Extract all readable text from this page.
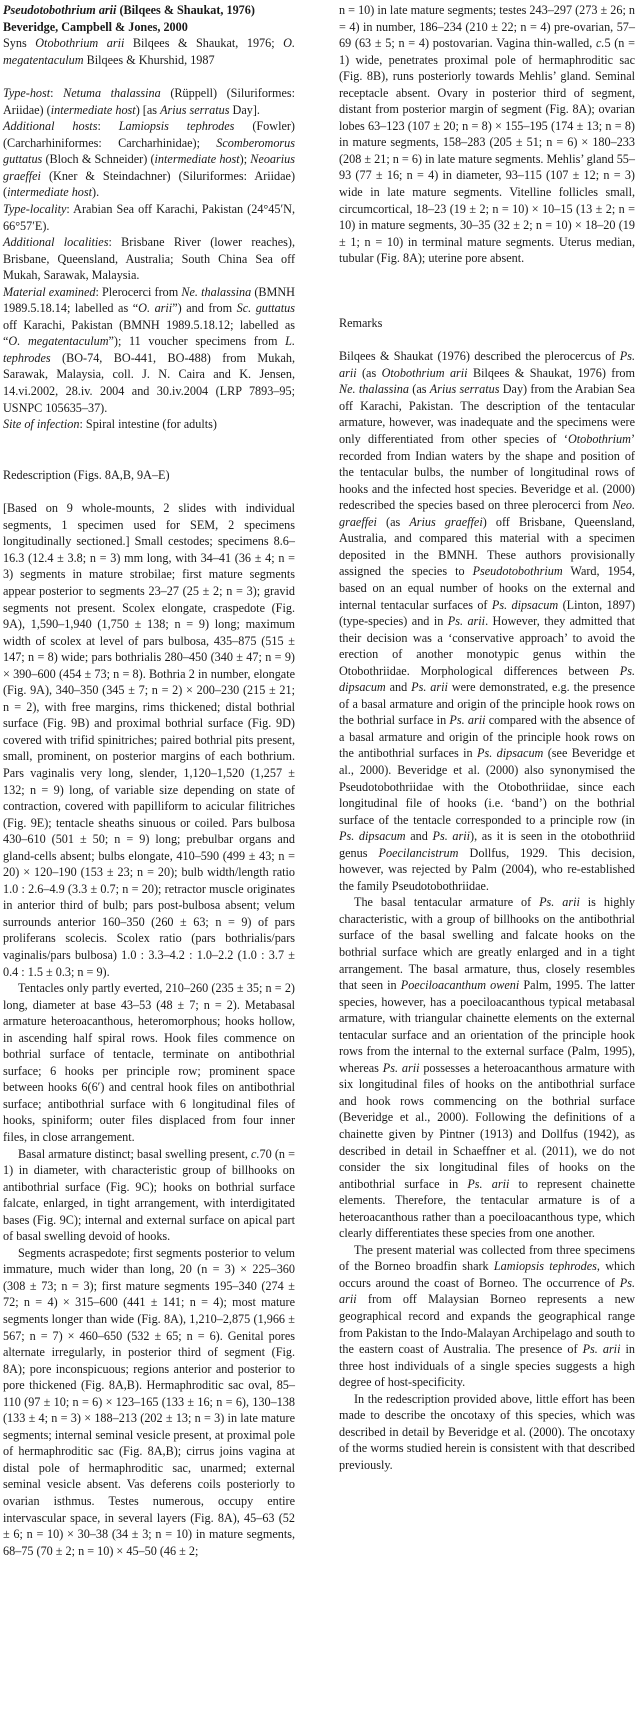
Pseudotobothrium arii (Bilqees & Shaukat, 1976) Beveridge, Campbell & Jones, 2000

Syns Otobothrium arii Bilqees & Shaukat, 1976; O. megatentaculum Bilqees & Khurshid, 1987

Type-host: Netuma thalassina (Rüppell) (Siluriformes: Ariidae) (intermediate host) [as Arius serratus Day].

Additional hosts: Lamiopsis tephrodes (Fowler) (Carcharhiniformes: Carcharhinidae); Scomberomorus guttatus (Bloch & Schneider) (intermediate host); Neoarius graeffei (Kner & Steindachner) (Siluriformes: Ariidae) (intermediate host).

Type-locality: Arabian Sea off Karachi, Pakistan (24°45′N, 66°57′E).

Additional localities: Brisbane River (lower reaches), Brisbane, Queensland, Australia; South China Sea off Mukah, Sarawak, Malaysia.

Material examined: Plerocerci from Ne. thalassina (BMNH 1989.5.18.14; labelled as “O. arii”) and from Sc. guttatus off Karachi, Pakistan (BMNH 1989.5.18.12; labelled as “O. megatentaculum”); 11 voucher specimens from L. tephrodes (BO-74, BO-441, BO-488) from Mukah, Sarawak, Malaysia, coll. J. N. Caira and K. Jensen, 14.vi.2002, 28.iv. 2004 and 30.iv.2004 (LRP 7893–95; USNPC 105635–37).

Site of infection: Spiral intestine (for adults)

Redescription (Figs. 8A,B, 9A–E)

[Based on 9 whole-mounts, 2 slides with individual segments, 1 specimen used for SEM, 2 specimens longitudinally sectioned.] Small cestodes; specimens 8.6–16.3 (12.4 ± 3.8; n = 3) mm long, with 34–41 (36 ± 4; n = 3) segments in mature strobilae; first mature segments appear posterior to segments 23–27 (25 ± 2; n = 3); gravid segments not present. Scolex elongate, craspedote (Fig. 9A), 1,590–1,940 (1,750 ± 138; n = 9) long; maximum width of scolex at level of pars bulbosa, 435–875 (515 ± 147; n = 8) wide; pars bothrialis 280–450 (340 ± 47; n = 9) × 390–600 (454 ± 73; n = 8). Bothria 2 in number, elongate (Fig. 9A), 340–350 (345 ± 7; n = 2) × 200–230 (215 ± 21; n = 2), with free margins, rims thickened; distal bothrial surface (Fig. 9B) and proximal bothrial surface (Fig. 9D) covered with trifid spinitriches; paired bothrial pits present, small, prominent, on posterior margins of each bothrium. Pars vaginalis very long, slender, 1,120–1,520 (1,257 ± 132; n = 9) long, of variable size depending on state of contraction, covered with papilliform to acicular filitriches (Fig. 9E); tentacle sheaths sinuous or coiled. Pars bulbosa 430–610 (501 ± 50; n = 9) long; prebulbar organs and gland-cells absent; bulbs elongate, 410–590 (499 ± 43; n = 20) × 120–190 (153 ± 23; n = 20); bulb width/length ratio 1.0 : 2.6–4.9 (3.3 ± 0.7; n = 20); retractor muscle originates in anterior third of bulb; pars post-bulbosa absent; velum surrounds anterior 160–350 (260 ± 63; n = 9) of pars proliferans scolecis. Scolex ratio (pars bothrialis/pars vaginalis/pars bulbosa) 1.0 : 3.3–4.2 : 1.0–2.2 (1.0 : 3.7 ± 0.4 : 1.5 ± 0.3; n = 9).

Tentacles only partly everted, 210–260 (235 ± 35; n = 2) long, diameter at base 43–53 (48 ± 7; n = 2). Metabasal armature heteroacanthous, heteromorphous; hooks hollow, in ascending half spiral rows. Hook files commence on bothrial surface of tentacle, terminate on antibothrial surface; 6 hooks per principle row; prominent space between hooks 6(6′) and central hook files on antibothrial surface; antibothrial surface with 6 longitudinal files of hooks, spiniform; outer files displaced from four inner files, in close arrangement.

Basal armature distinct; basal swelling present, c.70 (n = 1) in diameter, with characteristic group of billhooks on antibothrial surface (Fig. 9C); hooks on bothrial surface falcate, enlarged, in tight arrangement, with interdigitated bases (Fig. 9C); internal and external surface on apical part of basal swelling devoid of hooks.

Segments acraspedote; first segments posterior to velum immature, much wider than long, 20 (n = 3) × 225–360 (308 ± 73; n = 3); first mature segments 195–340 (274 ± 72; n = 4) × 315–600 (441 ± 141; n = 4); most mature segments longer than wide (Fig. 8A), 1,210–2,875 (1,966 ± 567; n = 7) × 460–650 (532 ± 65; n = 6). Genital pores alternate irregularly, in posterior third of segment (Fig. 8A); pore inconspicuous; regions anterior and posterior to pore thickened (Fig. 8A,B). Hermaphroditic sac oval, 85–110 (97 ± 10; n = 6) × 123–165 (133 ± 16; n = 6), 130–138 (133 ± 4; n = 3) × 188–213 (202 ± 13; n = 3) in late mature segments; internal seminal vesicle present, at proximal pole of hermaphroditic sac (Fig. 8A,B); cirrus joins vagina at distal pole of hermaphroditic sac, unarmed; external seminal vesicle absent. Vas deferens coils posteriorly to ovarian isthmus. Testes numerous, occupy entire intervascular space, in several layers (Fig. 8A), 45–63 (52 ± 6; n = 10) × 30–38 (34 ± 3; n = 10) in mature segments, 68–75 (70 ± 2; n = 10) × 45–50 (46 ± 2;

n = 10) in late mature segments; testes 243–297 (273 ± 26; n = 4) in number, 186–234 (210 ± 22; n = 4) pre-ovarian, 57–69 (63 ± 5; n = 4) postovarian. Vagina thin-walled, c.5 (n = 1) wide, penetrates proximal pole of hermaphroditic sac (Fig. 8B), runs posteriorly towards Mehlis’ gland. Seminal receptacle absent. Ovary in posterior third of segment, distant from posterior margin of segment (Fig. 8A); ovarian lobes 63–123 (107 ± 20; n = 8) × 155–195 (174 ± 13; n = 8) in mature segments, 158–283 (205 ± 51; n = 6) × 180–233 (208 ± 21; n = 6) in late mature segments. Mehlis’ gland 55–93 (77 ± 16; n = 4) in diameter, 93–115 (107 ± 12; n = 3) wide in late mature segments. Vitelline follicles small, circumcortical, 18–23 (19 ± 2; n = 10) × 10–15 (13 ± 2; n = 10) in mature segments, 30–35 (32 ± 2; n = 10) × 18–20 (19 ± 1; n = 10) in terminal mature segments. Uterus median, tubular (Fig. 8A); uterine pore absent.

Remarks

Bilqees & Shaukat (1976) described the plerocercus of Ps. arii (as Otobothrium arii Bilqees & Shaukat, 1976) from Ne. thalassina (as Arius serratus Day) from the Arabian Sea off Karachi, Pakistan. The description of the tentacular armature, however, was inadequate and the specimens were only differentiated from other species of ‘Otobothrium’ recorded from Indian waters by the shape and position of the tentacular bulbs, the number of longitudinal rows of hooks and the infected host species. Beveridge et al. (2000) redescribed the species based on three plerocerci from Neo. graeffei (as Arius graeffei) off Brisbane, Queensland, Australia, and compared this material with a specimen deposited in the BMNH. These authors provisionally assigned the species to Pseudotobothrium Ward, 1954, based on an equal number of hooks on the external and internal tentacular surfaces of Ps. dipsacum (Linton, 1897) (type-species) and in Ps. arii. However, they admitted that their decision was a ‘conservative approach’ to avoid the erection of another monotypic genus within the Otobothriidae. Morphological differences between Ps. dipsacum and Ps. arii were demonstrated, e.g. the presence of a basal armature and origin of the principle hook rows on the bothrial surface in Ps. arii compared with the absence of a basal armature and origin of the principle hook rows on the antibothrial surfaces in Ps. dipsacum (see Beveridge et al., 2000). Beveridge et al. (2000) also synonymised the Pseudotobothriidae with the Otobothriidae, since each longitudinal file of hooks (i.e. ‘band’) on the bothrial surface of the tentacle corresponded to a principle row (in Ps. dipsacum and Ps. arii), as it is seen in the otobothriid genus Poecilancistrum Dollfus, 1929. This decision, however, was rejected by Palm (2004), who re-established the family Pseudotobothriidae.

The basal tentacular armature of Ps. arii is highly characteristic, with a group of billhooks on the antibothrial surface of the basal swelling and falcate hooks on the bothrial surface which are greatly enlarged and in a tight arrangement. The basal armature, thus, closely resembles that seen in Poeciloacanthum oweni Palm, 1995. The latter species, however, has a poeciloacanthous typical metabasal armature, with triangular chainette elements on the external tentacular surface and an orientation of the principle hook rows from the internal to the external surface (Palm, 1995), whereas Ps. arii possesses a heteroacanthous armature with six longitudinal files of hooks on the antibothrial surface and hook rows commencing on the bothrial surface (Beveridge et al., 2000). Following the definitions of a chainette given by Pintner (1913) and Dollfus (1942), as described in detail in Schaeffner et al. (2011), we do not consider the six longitudinal files of hooks on the antibothrial surface in Ps. arii to represent chainette elements. Therefore, the tentacular armature is of a heteroacanthous rather than a poeciloacanthous type, which clearly differentiates these species from one another.

The present material was collected from three specimens of the Borneo broadfin shark Lamiopsis tephrodes, which occurs around the coast of Borneo. The occurrence of Ps. arii from off Malaysian Borneo represents a new geographical record and expands the geographical range from Pakistan to the Indo-Malayan Archipelago and south to the eastern coast of Australia. The presence of Ps. arii in three host individuals of a single species suggests a high degree of host-specificity.

In the redescription provided above, little effort has been made to describe the oncotaxy of this species, which was described in detail by Beveridge et al. (2000). The oncotaxy of the worms studied herein is consistent with that described previously.
